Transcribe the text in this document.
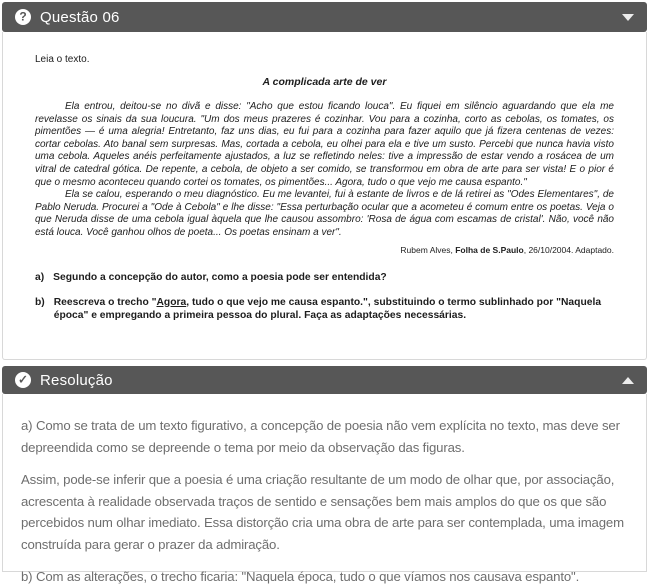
? Questão 06

Leia o texto.

A complicada arte de ver

Ela entrou, deitou-se no divã e disse: "Acho que estou ficando louca". Eu fiquei em silêncio aguardando que ela me revelasse os sinais da sua loucura. "Um dos meus prazeres é cozinhar. Vou para a cozinha, corto as cebolas, os tomates, os pimentões — é uma alegria! Entretanto, faz uns dias, eu fui para a cozinha para fazer aquilo que já fizera centenas de vezes: cortar cebolas. Ato banal sem surpresas. Mas, cortada a cebola, eu olhei para ela e tive um susto. Percebi que nunca havia visto uma cebola. Aqueles anéis perfeitamente ajustados, a luz se refletindo neles: tive a impressão de estar vendo a rosácea de um vitral de catedral gótica. De repente, a cebola, de objeto a ser comido, se transformou em obra de arte para ser vista! E o pior é que o mesmo aconteceu quando cortei os tomates, os pimentões... Agora, tudo o que vejo me causa espanto."

Ela se calou, esperando o meu diagnóstico. Eu me levantei, fui à estante de livros e de lá retirei as "Odes Elementares", de Pablo Neruda. Procurei a "Ode à Cebola" e lhe disse: "Essa perturbação ocular que a acometeu é comum entre os poetas. Veja o que Neruda disse de uma cebola igual àquela que lhe causou assombro: 'Rosa de água com escamas de cristal'. Não, você não está louca. Você ganhou olhos de poeta... Os poetas ensinam a ver".

Rubem Alves, Folha de S.Paulo, 26/10/2004. Adaptado.

a) Segundo a concepção do autor, como a poesia pode ser entendida?
b) Reescreva o trecho "Agora, tudo o que vejo me causa espanto.", substituindo o termo sublinhado por "Naquela época" e empregando a primeira pessoa do plural. Faça as adaptações necessárias.
✓ Resolução

a) Como se trata de um texto figurativo, a concepção de poesia não vem explícita no texto, mas deve ser depreendida como se depreende o tema por meio da observação das figuras.

Assim, pode-se inferir que a poesia é uma criação resultante de um modo de olhar que, por associação, acrescenta à realidade observada traços de sentido e sensações bem mais amplos do que os que são percebidos num olhar imediato. Essa distorção cria uma obra de arte para ser contemplada, uma imagem construída para gerar o prazer da admiração.

b) Com as alterações, o trecho ficaria: "Naquela época, tudo o que víamos nos causava espanto".
